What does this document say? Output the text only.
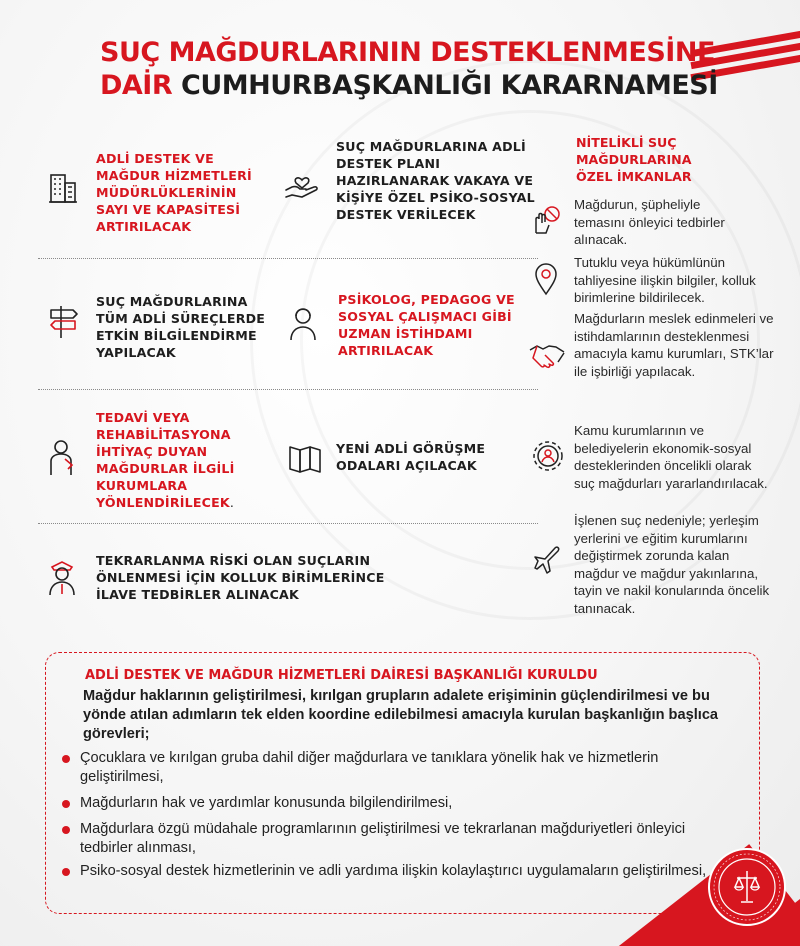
SUÇ MAĞDURLARININ DESTEKLENMESİNE
DAİR CUMHURBAŞKANLIĞI KARARNAMESİ
ADLİ DESTEK VE MAĞDUR HİZMETLERİ MÜDÜRLÜKLERİNİN SAYI VE KAPASİTESİ ARTIRILACAK
SUÇ MAĞDURLARINA ADLİ DESTEK PLANI HAZIRLANARAK VAKAYA VE KİŞİYE ÖZEL PSİKO-SOSYAL DESTEK VERİLECEK
SUÇ MAĞDURLARINA TÜM ADLİ SÜREÇLERDE ETKİN BİLGİLENDİRME YAPILACAK
PSİKOLOG, PEDAGOG VE SOSYAL ÇALIŞMACI GİBİ UZMAN İSTİHDAMI ARTIRILACAK
TEDAVİ VEYA REHABİLİTASYONA İHTİYAÇ DUYAN MAĞDURLAR İLGİLİ KURUMLARA YÖNLENDİRİLECEK.
YENİ ADLİ GÖRÜŞME ODALARI AÇILACAK
TEKRARLANMA RİSKİ OLAN SUÇLARIN ÖNLENMESİ İÇİN KOLLUK BİRİMLERİNCE İLAVE TEDBİRLER ALINACAK
NİTELİKLİ SUÇ MAĞDURLARINA ÖZEL İMKANLAR
Mağdurun, şüpheliyle temasını önleyici tedbirler alınacak.
Tutuklu veya hükümlünün tahliyesine ilişkin bilgiler, kolluk birimlerine bildirilecek.
Mağdurların meslek edinmeleri ve istihdamlarının desteklenmesi amacıyla kamu kurumları, STK’lar ile işbirliği yapılacak.
Kamu kurumlarının ve belediyelerin ekonomik-sosyal desteklerinden öncelikli olarak suç mağdurları yararlandırılacak.
İşlenen suç nedeniyle; yerleşim yerlerini ve eğitim kurumlarını değiştirmek zorunda kalan mağdur ve mağdur yakınlarına, tayin ve nakil konularında öncelik tanınacak.
ADLİ DESTEK VE MAĞDUR HİZMETLERİ DAİRESİ BAŞKANLIĞI KURULDU
Mağdur haklarının geliştirilmesi, kırılgan grupların adalete erişiminin güçlendirilmesi ve bu yönde atılan adımların tek elden koordine edilebilmesi amacıyla kurulan başkanlığın başlıca görevleri;
Çocuklara ve kırılgan gruba dahil diğer mağdurlara ve tanıklara yönelik hak ve hizmetlerin geliştirilmesi,
Mağdurların hak ve yardımlar konusunda bilgilendirilmesi,
Mağdurlara özgü müdahale programlarının geliştirilmesi ve tekrarlanan mağduriyetleri önleyici tedbirler alınması,
Psiko-sosyal destek hizmetlerinin ve adli yardıma ilişkin kolaylaştırıcı uygulamaların geliştirilmesi,
